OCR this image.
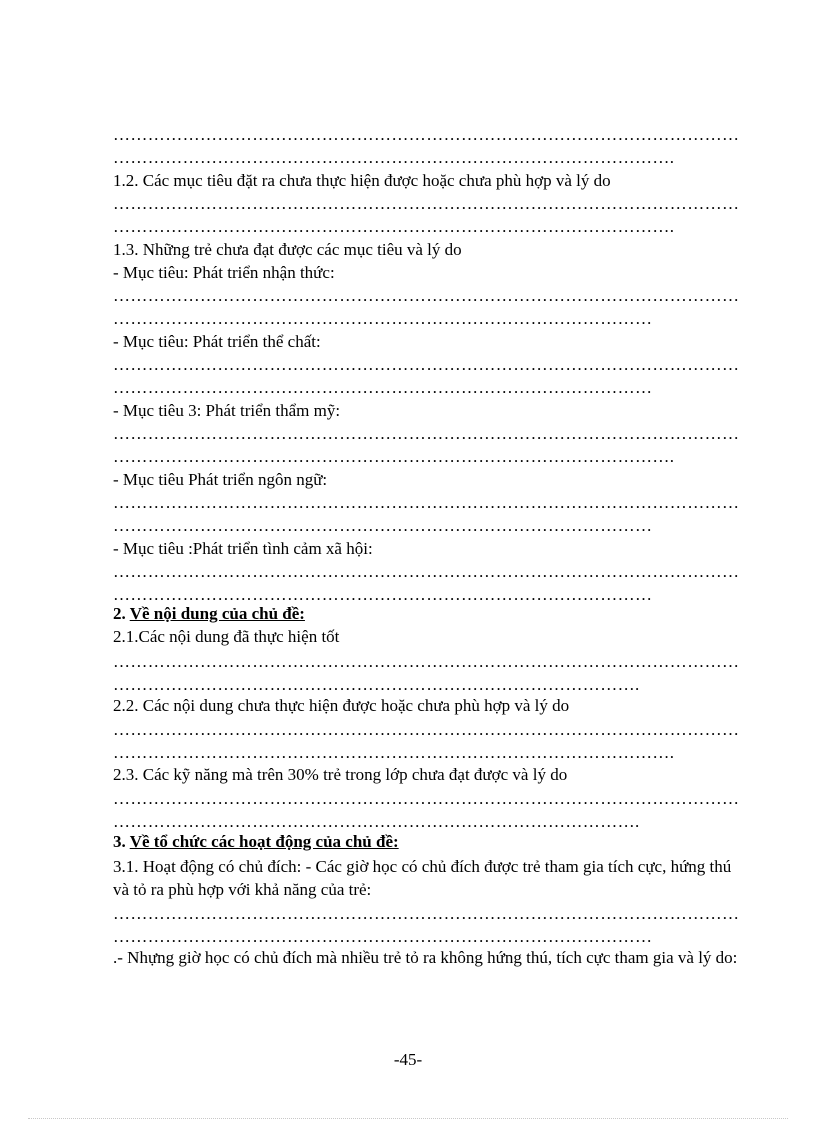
………………………………………………………………………………………………
…………………………………………………………………………………….
1.2. Các mục tiêu đặt ra chưa thực hiện được hoặc chưa phù hợp và lý do
………………………………………………………………………………………………
…………………………………………………………………………………….
1.3. Những trẻ chưa đạt được các mục tiêu và lý do
- Mục tiêu: Phát triển nhận thức:
………………………………………………………………………………………………
…………………………………………………………………………………
- Mục tiêu: Phát triển thể chất:
………………………………………………………………………………………………
…………………………………………………………………………………
- Mục tiêu 3: Phát triển thẩm mỹ:
………………………………………………………………………………………………
…………………………………………………………………………………….
- Mục tiêu Phát triển ngôn ngữ:
………………………………………………………………………………………………
…………………………………………………………………………………
- Mục tiêu :Phát triển tình cảm xã hội:
………………………………………………………………………………………………
…………………………………………………………………………………
2. Về nội dung của chủ đề:
2.1.Các nội dung đã thực hiện tốt
………………………………………………………………………………………………
……………………………………………………………………………….
2.2. Các nội dung chưa thực hiện được hoặc chưa phù hợp và lý do
………………………………………………………………………………………………
…………………………………………………………………………………….
2.3. Các kỹ năng mà trên 30% trẻ trong lớp chưa đạt được và lý do
………………………………………………………………………………………………
……………………………………………………………………………….
3. Về tổ chức các hoạt động của chủ đề:
3.1. Hoạt động có chủ đích: - Các giờ học có chủ đích được trẻ tham gia tích cực, hứng thú và tỏ ra phù hợp với khả năng của trẻ:
………………………………………………………………………………………………
…………………………………………………………………………………
.- Nhựng giờ học có chủ đích mà nhiều trẻ tỏ ra không hứng thú, tích cực tham gia và lý do:
-45-
